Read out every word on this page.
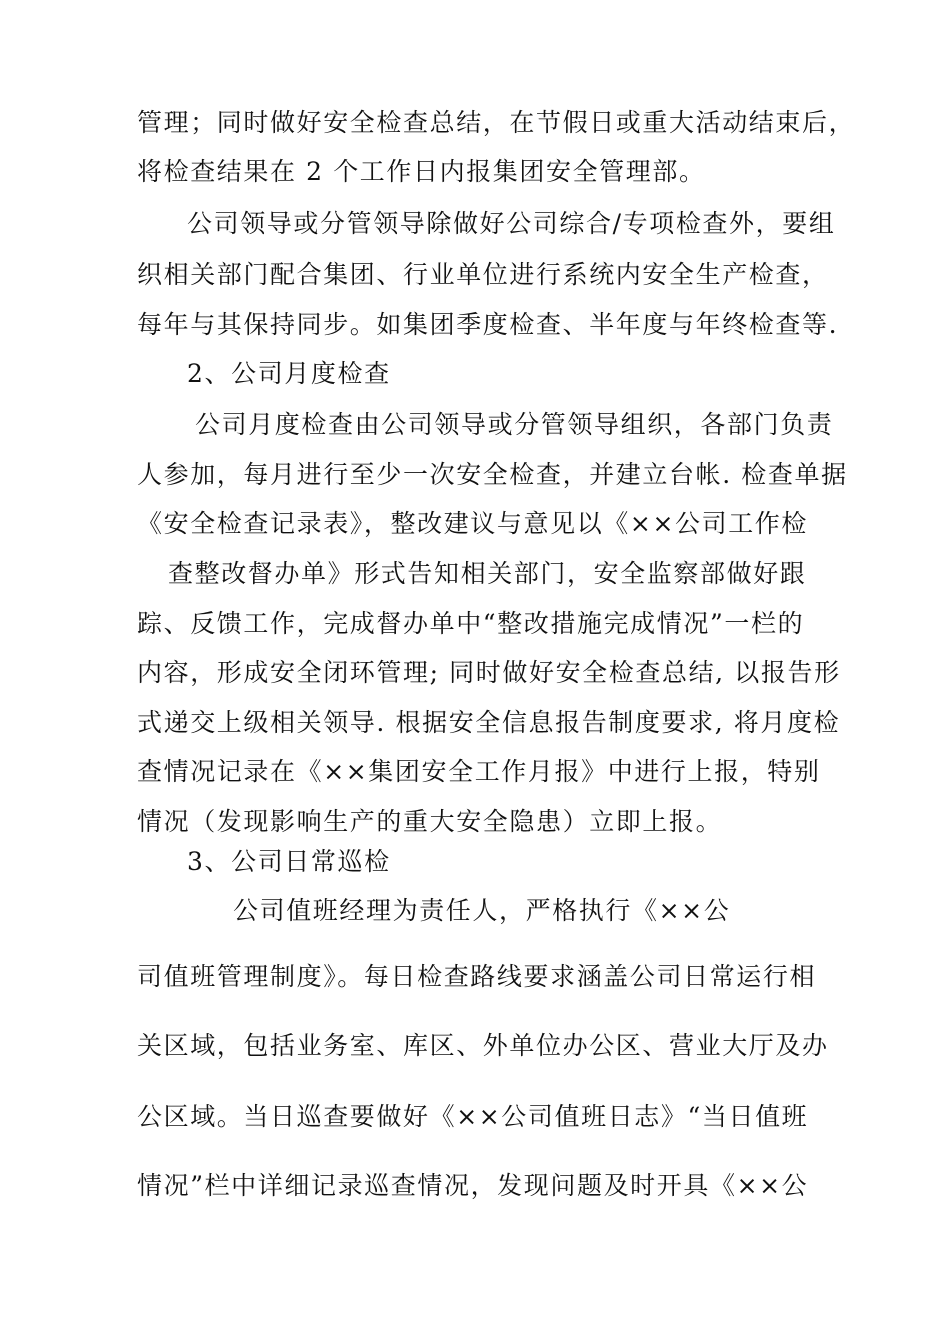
管理；同时做好安全检查总结，在节假日或重大活动结束后，

将检查结果在 2 个工作日内报集团安全管理部。

公司领导或分管领导除做好公司综合/专项检查外，要组

织相关部门配合集团、行业单位进行系统内安全生产检查，

每年与其保持同步。如集团季度检查、半年度与年终检查等.

2、公司月度检查

公司月度检查由公司领导或分管领导组织，各部门负责

人参加，每月进行至少一次安全检查，并建立台帐. 检查单据

《安全检查记录表》，整改建议与意见以《××公司工作检

查整改督办单》形式告知相关部门，安全监察部做好跟

踪、反馈工作，完成督办单中“整改措施完成情况”一栏的

内容，形成安全闭环管理; 同时做好安全检查总结, 以报告形

式递交上级相关领导. 根据安全信息报告制度要求, 将月度检

查情况记录在《××集团安全工作月报》中进行上报，特别

情况（发现影响生产的重大安全隐患）立即上报。

3、公司日常巡检

公司值班经理为责任人，严格执行《××公

司值班管理制度》。每日检查路线要求涵盖公司日常运行相

关区域，包括业务室、库区、外单位办公区、营业大厅及办

公区域。当日巡查要做好《××公司值班日志》“当日值班

情况”栏中详细记录巡查情况，发现问题及时开具《××公
